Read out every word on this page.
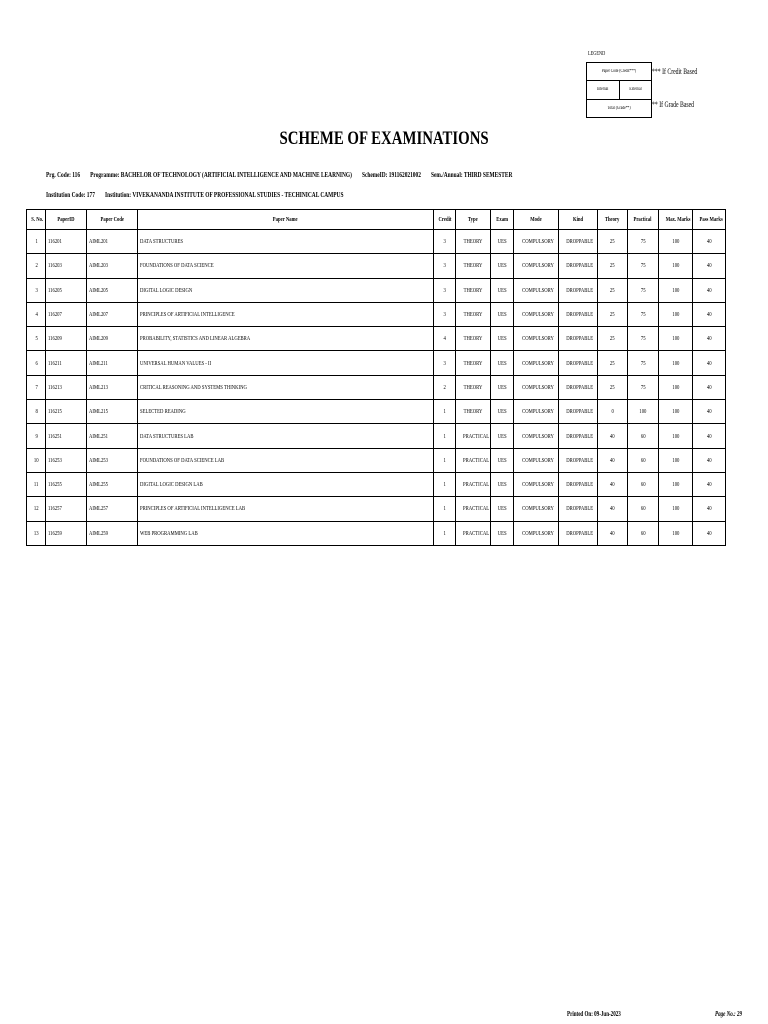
LEGEND
Paper Code (Credit***)
Internal	External
Total (Grade**)
*** If Credit Based
** If Grade Based
SCHEME OF EXAMINATIONS
Prg. Code: 116 Programme: BACHELOR OF TECHNOLOGY (ARTIFICIAL INTELLIGENCE AND MACHINE LEARNING) SchemeID: 191162021002 Sem./Annual: THIRD SEMESTER
Institution Code: 177 Institution: VIVEKANANDA INSTITUTE OF PROFESSIONAL STUDIES - TECHINICAL CAMPUS
S. No.	PaperID	Paper Code	Paper Name	Credit	Type	Exam	Mode	Kind	Theory	Practical	Max. Marks	Pass Marks
1	116201	AIML201	DATA STRUCTURES	3	THEORY	UES	COMPULSORY	DROPPABLE	25	75	100	40
2	116203	AIML203	FOUNDATIONS OF DATA SCIENCE	3	THEORY	UES	COMPULSORY	DROPPABLE	25	75	100	40
3	116205	AIML205	DIGITAL LOGIC DESIGN	3	THEORY	UES	COMPULSORY	DROPPABLE	25	75	100	40
4	116207	AIML207	PRINCIPLES OF ARTIFICIAL INTELLIGENCE	3	THEORY	UES	COMPULSORY	DROPPABLE	25	75	100	40
5	116209	AIML209	PROBABILITY, STATISTICS AND LINEAR ALGEBRA	4	THEORY	UES	COMPULSORY	DROPPABLE	25	75	100	40
6	116211	AIML211	UNIVERSAL HUMAN VALUES - II	3	THEORY	UES	COMPULSORY	DROPPABLE	25	75	100	40
7	116213	AIML213	CRITICAL REASONING AND SYSTEMS THINKING	2	THEORY	UES	COMPULSORY	DROPPABLE	25	75	100	40
8	116215	AIML215	SELECTED READING	1	THEORY	UES	COMPULSORY	DROPPABLE	0	100	100	40
9	116251	AIML251	DATA STRUCTURES LAB	1	PRACTICAL	UES	COMPULSORY	DROPPABLE	40	60	100	40
10	116253	AIML253	FOUNDATIONS OF DATA SCIENCE LAB	1	PRACTICAL	UES	COMPULSORY	DROPPABLE	40	60	100	40
11	116255	AIML255	DIGITAL LOGIC DESIGN LAB	1	PRACTICAL	UES	COMPULSORY	DROPPABLE	40	60	100	40
12	116257	AIML257	PRINCIPLES OF ARTIFICIAL INTELLIGENCE LAB	1	PRACTICAL	UES	COMPULSORY	DROPPABLE	40	60	100	40
13	116259	AIML259	WEB PROGRAMMING LAB	1	PRACTICAL	UES	COMPULSORY	DROPPABLE	40	60	100	40
Printed On: 09-Jun-2023	Page No.: 29
